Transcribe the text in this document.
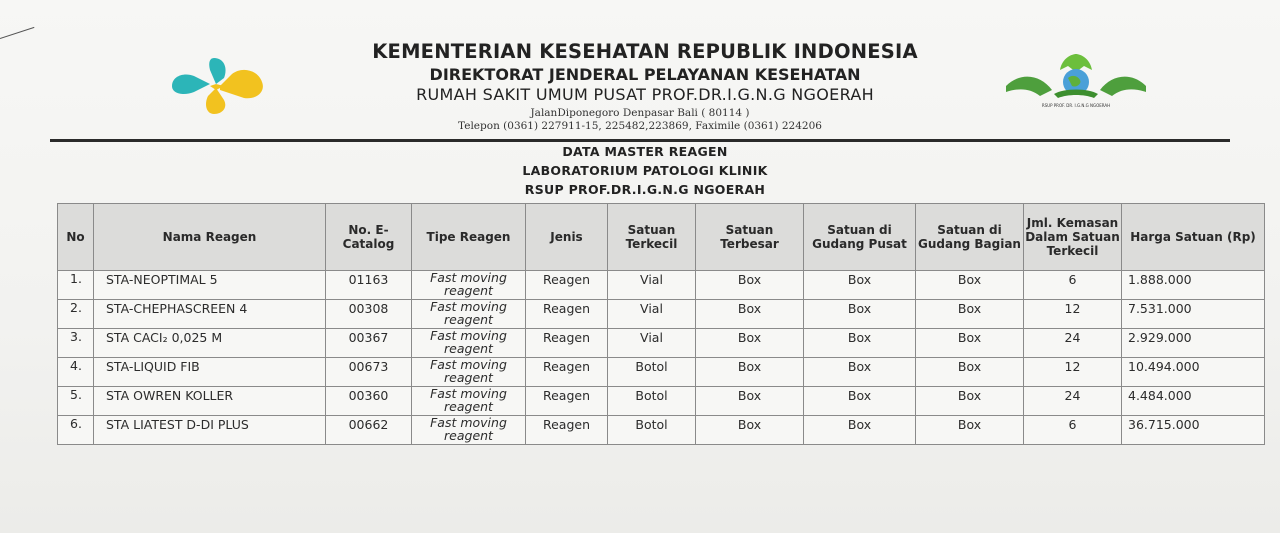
KEMENTERIAN KESEHATAN REPUBLIK INDONESIA
DIREKTORAT JENDERAL PELAYANAN KESEHATAN
RUMAH SAKIT UMUM PUSAT PROF.DR.I.G.N.G NGOERAH
RSUP PROF. DR. I.G.N.G NGOERAH
JalanDiponegoro Denpasar Bali ( 80114 )
Telepon (0361) 227911-15, 225482,223869, Faximile (0361) 224206
DATA MASTER REAGEN
LABORATORIUM PATOLOGI KLINIK
RSUP PROF.DR.I.G.N.G NGOERAH
No	Nama Reagen	No. E-Catalog	Tipe Reagen	Jenis	Satuan Terkecil	Satuan Terbesar	Satuan di Gudang Pusat	Satuan di Gudang Bagian	Jml. Kemasan Dalam Satuan Terkecil	Harga Satuan (Rp)
1.	STA-NEOPTIMAL 5	01163	Fast moving reagent	Reagen	Vial	Box	Box	Box	6	1.888.000
2.	STA-CHEPHASCREEN 4	00308	Fast moving reagent	Reagen	Vial	Box	Box	Box	12	7.531.000
3.	STA CACI₂ 0,025 M	00367	Fast moving reagent	Reagen	Vial	Box	Box	Box	24	2.929.000
4.	STA-LIQUID FIB	00673	Fast moving reagent	Reagen	Botol	Box	Box	Box	12	10.494.000
5.	STA OWREN KOLLER	00360	Fast moving reagent	Reagen	Botol	Box	Box	Box	24	4.484.000
6.	STA LIATEST D-DI PLUS	00662	Fast moving reagent	Reagen	Botol	Box	Box	Box	6	36.715.000
